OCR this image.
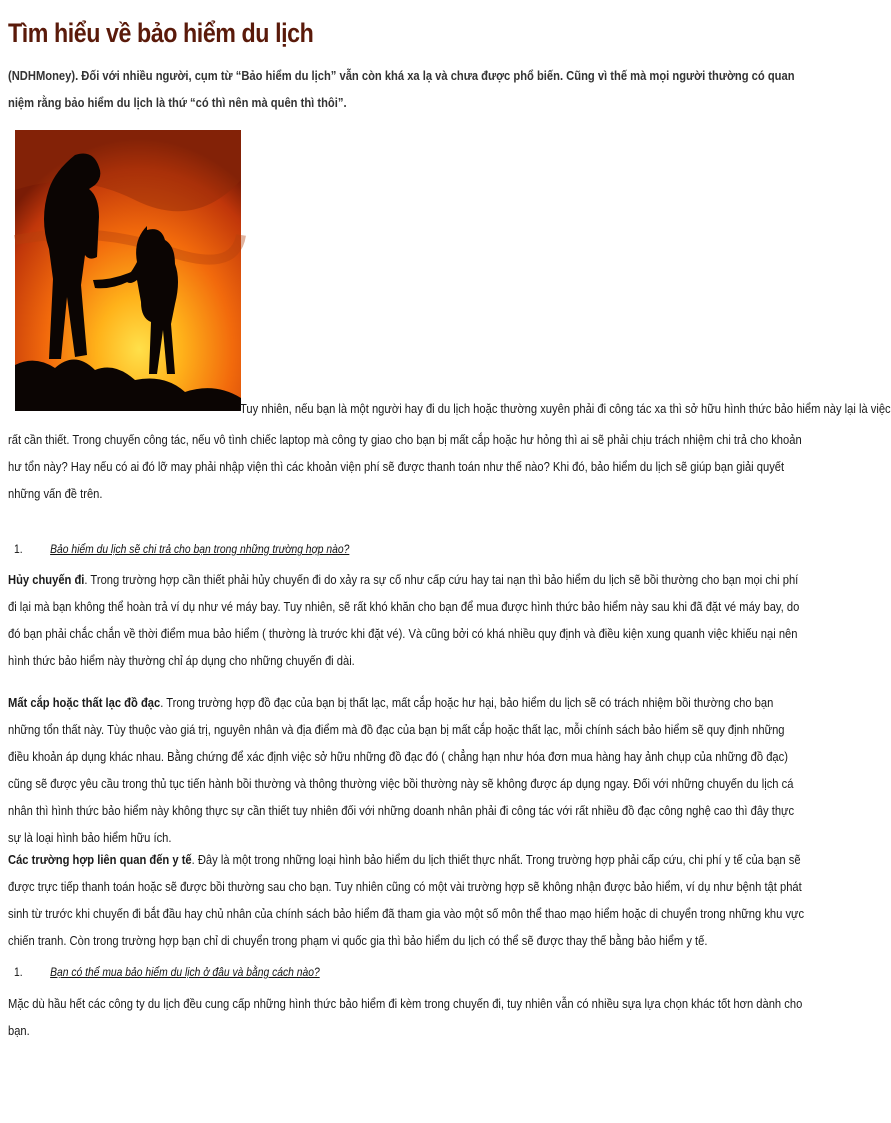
Tìm hiểu về bảo hiểm du lịch
(NDHMoney). Đối với nhiều người, cụm từ “Bảo hiểm du lịch” vẫn còn khá xa lạ và chưa được phổ biến. Cũng vì thế mà mọi người thường có quan niệm rằng bảo hiểm du lịch là thứ “có thì nên mà quên thì thôi”.
Tuy nhiên, nếu bạn là một người hay đi du lịch hoặc thường xuyên phải đi công tác xa thì sở hữu hình thức bảo hiểm này lại là việc
rất cần thiết. Trong chuyến công tác, nếu vô tình chiếc laptop mà công ty giao cho bạn bị mất cắp hoặc hư hỏng thì ai sẽ phải chịu trách nhiệm chi trả cho khoản hư tổn này? Hay nếu có ai đó lỡ may phải nhập viện thì các khoản viện phí sẽ được thanh toán như thế nào? Khi đó, bảo hiểm du lịch sẽ giúp bạn giải quyết những vấn đề trên.
1. Bảo hiểm du lịch sẽ chi trả cho bạn trong những trường hợp nào?
Hủy chuyến đi. Trong trường hợp cần thiết phải hủy chuyến đi do xảy ra sự cố như cấp cứu hay tai nạn thì bảo hiểm du lịch sẽ bồi thường cho bạn mọi chi phí đi lại mà bạn không thể hoàn trả ví dụ như vé máy bay. Tuy nhiên, sẽ rất khó khăn cho bạn để mua được hình thức bảo hiểm này sau khi đã đặt vé máy bay, do đó bạn phải chắc chắn về thời điểm mua bảo hiểm ( thường là trước khi đặt vé). Và cũng bởi có khá nhiều quy định và điều kiện xung quanh việc khiếu nại nên hình thức bảo hiểm này thường chỉ áp dụng cho những chuyến đi dài.
Mất cắp hoặc thất lạc đồ đạc. Trong trường hợp đồ đạc của bạn bị thất lạc, mất cắp hoặc hư hại, bảo hiểm du lịch sẽ có trách nhiệm bồi thường cho bạn những tổn thất này. Tùy thuộc vào giá trị, nguyên nhân và địa điểm mà đồ đạc của bạn bị mất cắp hoặc thất lạc, mỗi chính sách bảo hiểm sẽ quy định những điều khoản áp dụng khác nhau. Bằng chứng để xác định việc sở hữu những đồ đạc đó ( chẳng hạn như hóa đơn mua hàng hay ảnh chụp của những đồ đạc) cũng sẽ được yêu cầu trong thủ tục tiến hành bồi thường và thông thường việc bồi thường này sẽ không được áp dụng ngay. Đối với những chuyến du lịch cá nhân thì hình thức bảo hiểm này không thực sự cần thiết tuy nhiên đối với những doanh nhân phải đi công tác với rất nhiều đồ đạc công nghệ cao thì đây thực sự là loại hình bảo hiểm hữu ích.
Các trường hợp liên quan đến y tế. Đây là một trong những loại hình bảo hiểm du lịch thiết thực nhất. Trong trường hợp phải cấp cứu, chi phí y tế của bạn sẽ được trực tiếp thanh toán hoặc sẽ được bồi thường sau cho bạn. Tuy nhiên cũng có một vài trường hợp sẽ không nhận được bảo hiểm, ví dụ như bệnh tật phát sinh từ trước khi chuyến đi bắt đầu hay chủ nhân của chính sách bảo hiểm đã tham gia vào một số môn thể thao mạo hiểm hoặc di chuyển trong những khu vực chiến tranh. Còn trong trường hợp bạn chỉ di chuyển trong phạm vi quốc gia thì bảo hiểm du lịch có thể sẽ được thay thế bằng bảo hiểm y tế.
1. Bạn có thể mua bảo hiểm du lịch ở đâu và bằng cách nào?
Mặc dù hầu hết các công ty du lịch đều cung cấp những hình thức bảo hiểm đi kèm trong chuyến đi, tuy nhiên vẫn có nhiều sựa lựa chọn khác tốt hơn dành cho bạn.
